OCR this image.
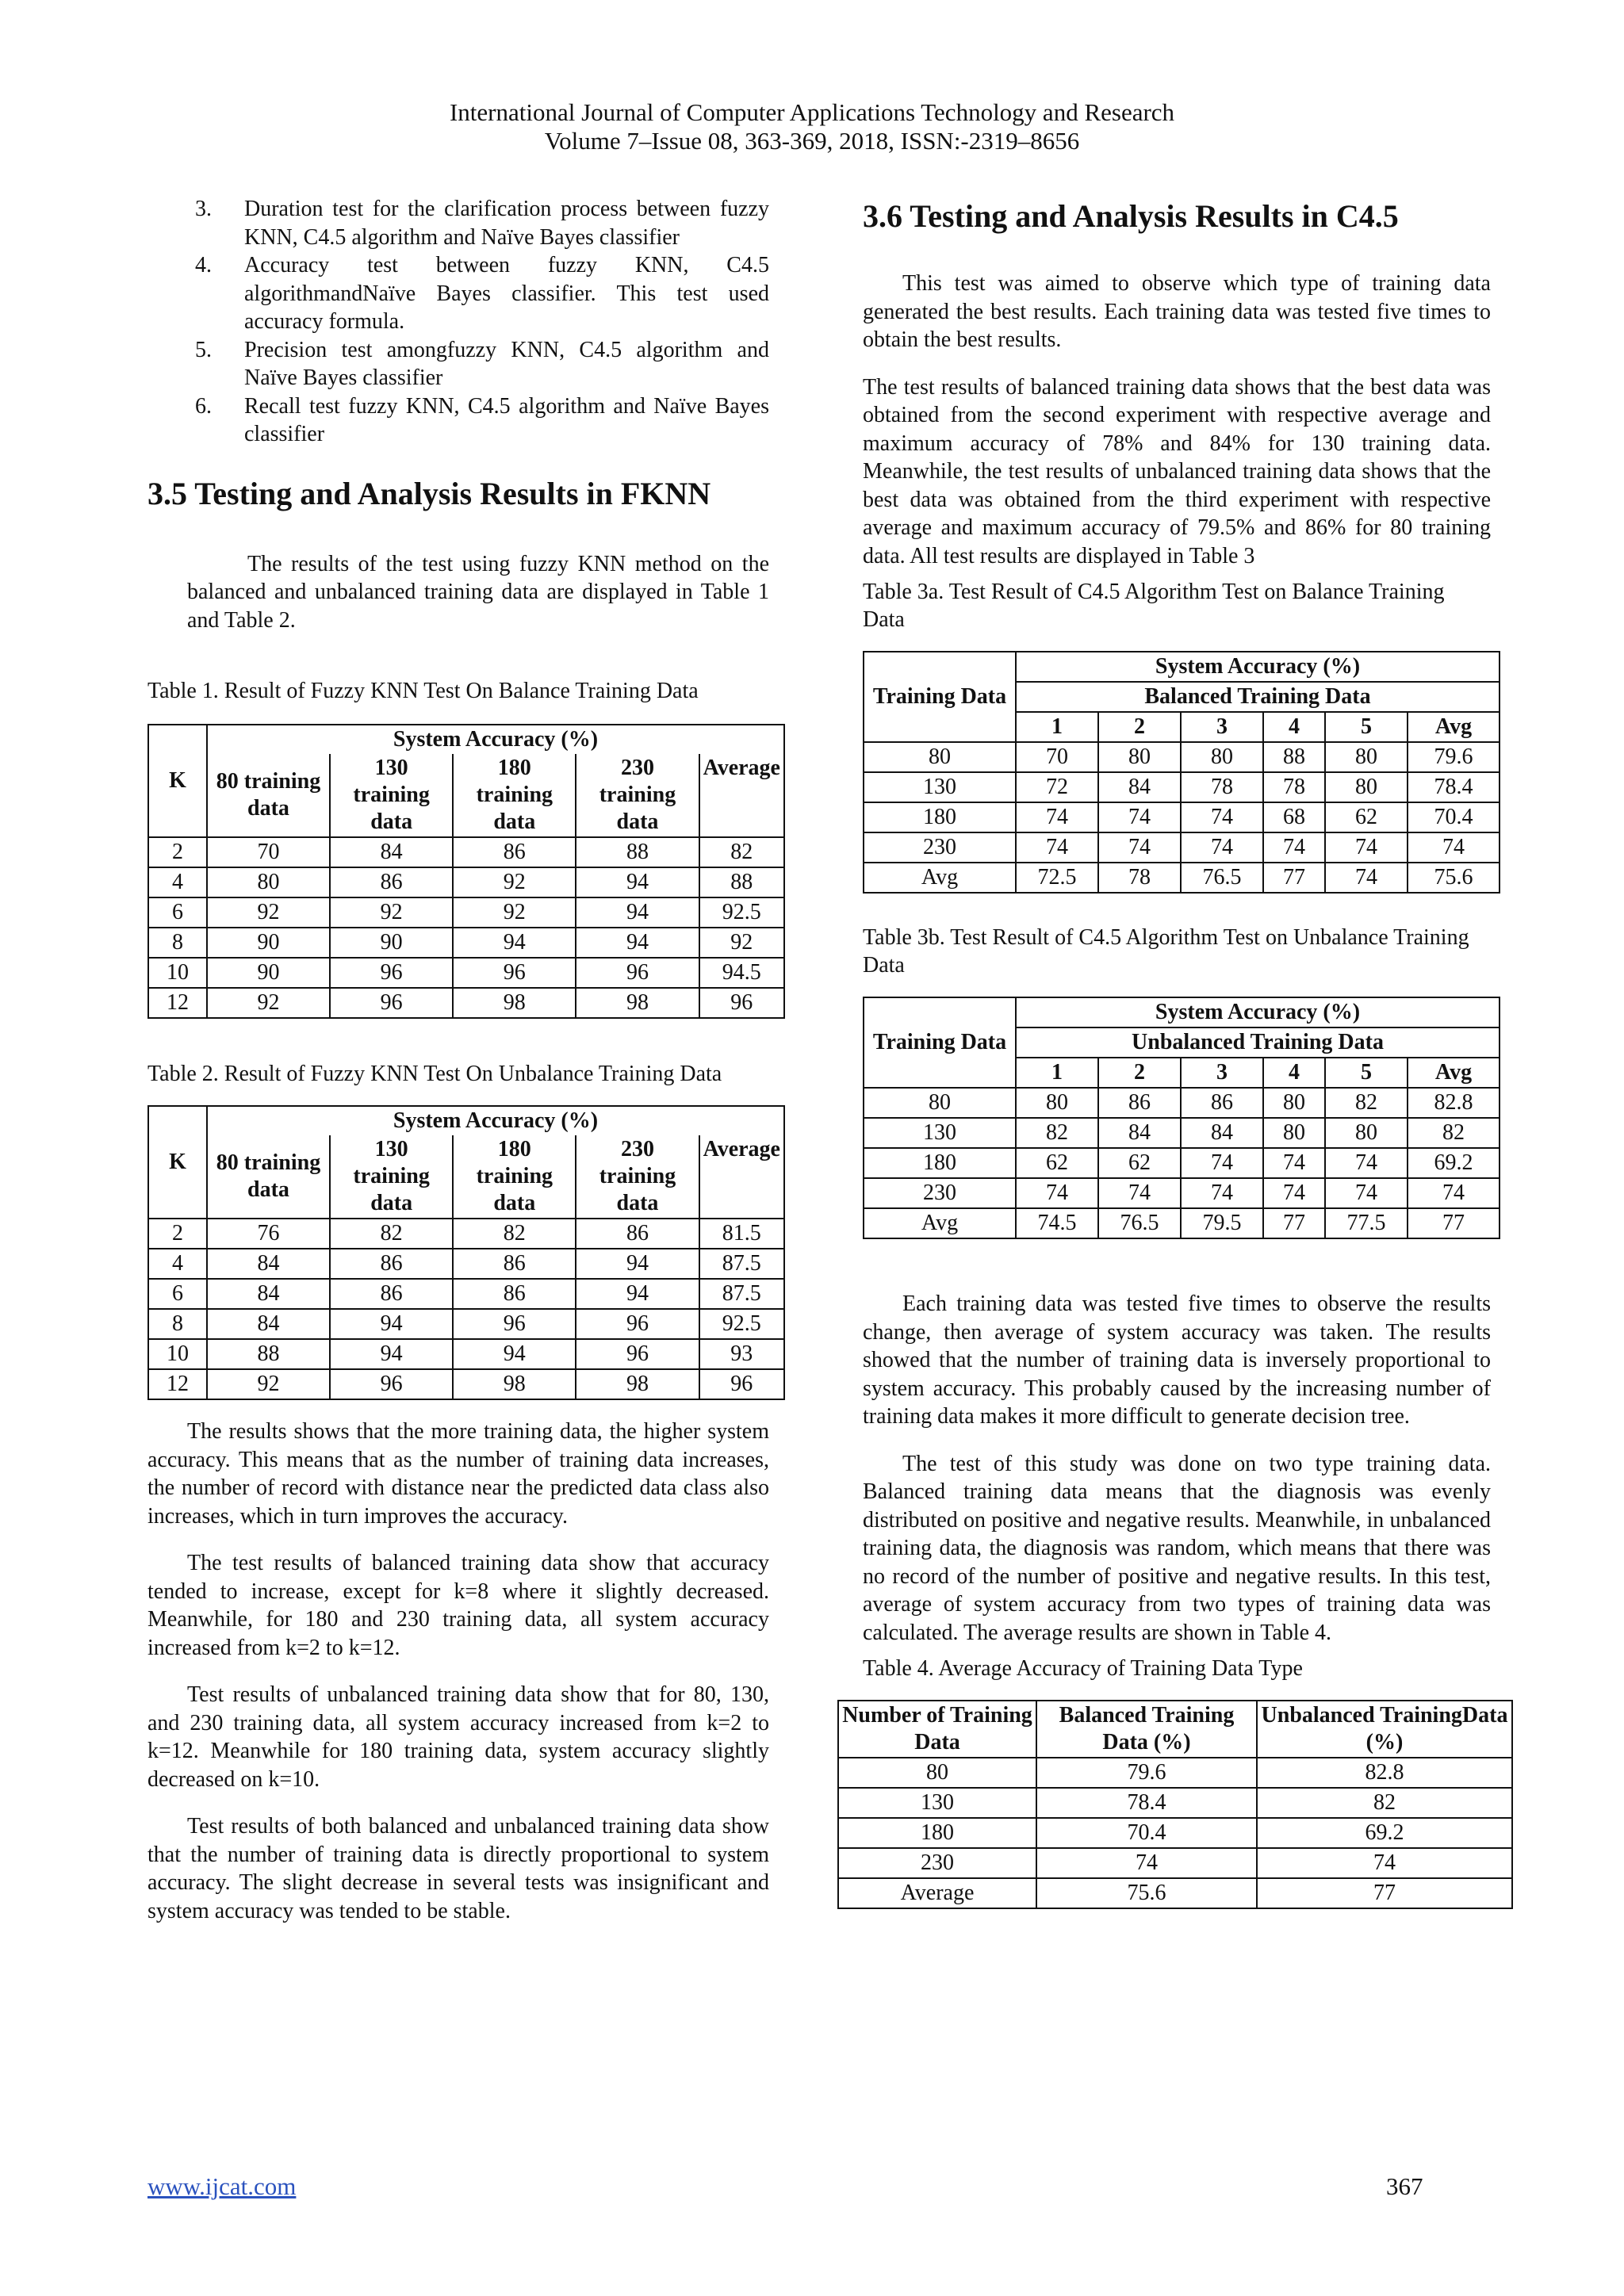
International Journal of Computer Applications Technology and Research
Volume 7–Issue 08, 363-369, 2018, ISSN:-2319–8656
3. Duration test for the clarification process between fuzzy KNN, C4.5 algorithm and Naïve Bayes classifier
4. Accuracy test between fuzzy KNN, C4.5 algorithmandNaïve Bayes classifier. This test used accuracy formula.
5. Precision test amongfuzzy KNN, C4.5 algorithm and Naïve Bayes classifier
6. Recall test fuzzy KNN, C4.5 algorithm and Naïve Bayes classifier
3.5 Testing and Analysis Results in FKNN

The results of the test using fuzzy KNN method on the balanced and unbalanced training data are displayed in Table 1 and Table 2.

Table 1. Result of Fuzzy KNN Test On Balance Training Data

K	System Accuracy (%)				
	80 training data	130 training data	180 training data	230 training data	Average
2	70	84	86	88	82
4	80	86	92	94	88
6	92	92	92	94	92.5
8	90	90	94	94	92
10	90	96	96	96	94.5
12	92	96	98	98	96

Table 2. Result of Fuzzy KNN Test On Unbalance Training Data

K	System Accuracy (%)				
	80 training data	130 training data	180 training data	230 training data	Average
2	76	82	82	86	81.5
4	84	86	86	94	87.5
6	84	86	86	94	87.5
8	84	94	96	96	92.5
10	88	94	94	96	93
12	92	96	98	98	96

The results shows that the more training data, the higher system accuracy. This means that as the number of training data increases, the number of record with distance near the predicted data class also increases, which in turn improves the accuracy.

The test results of balanced training data show that accuracy tended to increase, except for k=8 where it slightly decreased. Meanwhile, for 180 and 230 training data, all system accuracy increased from k=2 to k=12.

Test results of unbalanced training data show that for 80, 130, and 230 training data, all system accuracy increased from k=2 to k=12. Meanwhile for 180 training data, system accuracy slightly decreased on k=10.

Test results of both balanced and unbalanced training data show that the number of training data is directly proportional to system accuracy. The slight decrease in several tests was insignificant and system accuracy was tended to be stable.

3.6 Testing and Analysis Results in C4.5

This test was aimed to observe which type of training data generated the best results. Each training data was tested five times to obtain the best results.

The test results of balanced training data shows that the best data was obtained from the second experiment with respective average and maximum accuracy of 78% and 84% for 130 training data. Meanwhile, the test results of unbalanced training data shows that the best data was obtained from the third experiment with respective average and maximum accuracy of 79.5% and 86% for 80 training data. All test results are displayed in Table 3

Table 3a. Test Result of C4.5 Algorithm Test on Balance Training Data

Training Data	System Accuracy (%)					
	Balanced Training Data					
	1	2	3	4	5	Avg
80	70	80	80	88	80	79.6
130	72	84	78	78	80	78.4
180	74	74	74	68	62	70.4
230	74	74	74	74	74	74
Avg	72.5	78	76.5	77	74	75.6

Table 3b. Test Result of C4.5 Algorithm Test on Unbalance Training Data

Training Data	System Accuracy (%)					
	Unbalanced Training Data					
	1	2	3	4	5	Avg
80	80	86	86	80	82	82.8
130	82	84	84	80	80	82
180	62	62	74	74	74	69.2
230	74	74	74	74	74	74
Avg	74.5	76.5	79.5	77	77.5	77

Each training data was tested five times to observe the results change, then average of system accuracy was taken. The results showed that the number of training data is inversely proportional to system accuracy. This probably caused by the increasing number of training data makes it more difficult to generate decision tree.

The test of this study was done on two type training data. Balanced training data means that the diagnosis was evenly distributed on positive and negative results. Meanwhile, in unbalanced training data, the diagnosis was random, which means that there was no record of the number of positive and negative results. In this test, average of system accuracy from two types of training data was calculated. The average results are shown in Table 4.

Table 4. Average Accuracy of Training Data Type

Number of Training Data	Balanced Training Data (%)	Unbalanced TrainingData (%)
80	79.6	82.8
130	78.4	82
180	70.4	69.2
230	74	74
Average	75.6	77
www.ijcat.com	367
